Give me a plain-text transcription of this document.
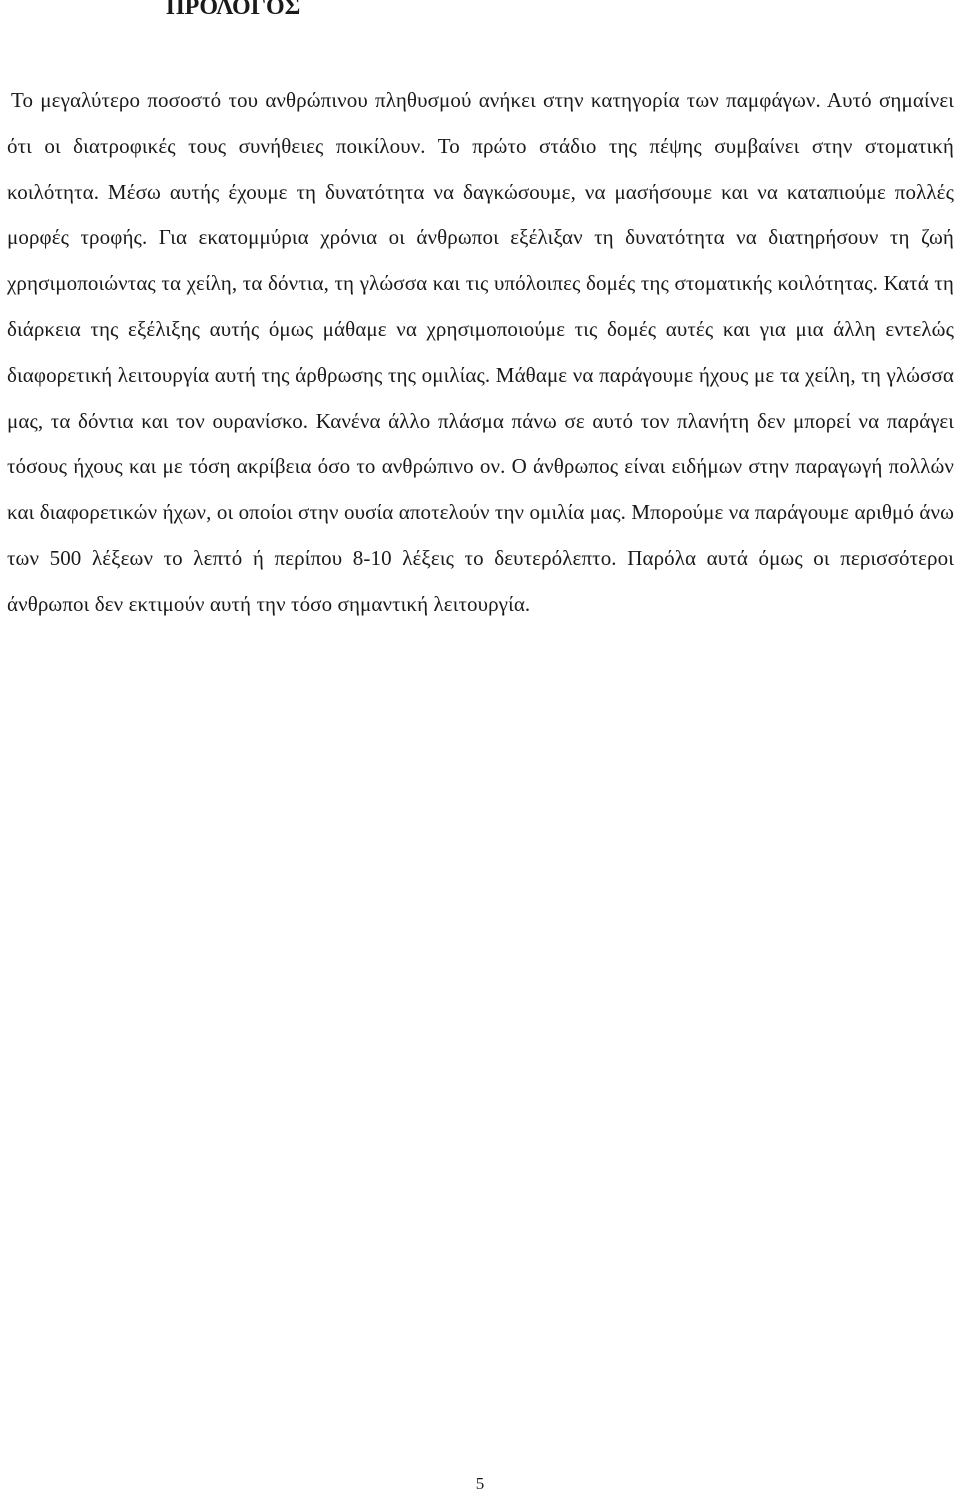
ΠΡΟΛΟΓΟΣ

Το μεγαλύτερο ποσοστό του ανθρώπινου πληθυσμού ανήκει στην κατηγορία των παμφάγων. Αυτό σημαίνει ότι οι διατροφικές τους συνήθειες ποικίλουν. Το πρώτο στάδιο της πέψης συμβαίνει στην στοματική κοιλότητα. Μέσω αυτής έχουμε τη δυνατότητα να δαγκώσουμε, να μασήσουμε και να καταπιούμε πολλές μορφές τροφής. Για εκατομμύρια χρόνια οι άνθρωποι εξέλιξαν τη δυνατότητα να διατηρήσουν τη ζωή χρησιμοποιώντας τα χείλη, τα δόντια, τη γλώσσα και τις υπόλοιπες δομές της στοματικής κοιλότητας. Κατά τη διάρκεια της εξέλιξης αυτής όμως μάθαμε να χρησιμοποιούμε τις δομές αυτές και για μια άλλη εντελώς διαφορετική λειτουργία αυτή της άρθρωσης της ομιλίας. Μάθαμε να παράγουμε ήχους με τα χείλη, τη γλώσσα μας, τα δόντια και τον ουρανίσκο. Κανένα άλλο πλάσμα πάνω σε αυτό τον πλανήτη δεν μπορεί να παράγει τόσους ήχους και με τόση ακρίβεια όσο το ανθρώπινο ον. Ο άνθρωπος είναι ειδήμων στην παραγωγή πολλών και διαφορετικών ήχων, οι οποίοι στην ουσία αποτελούν την ομιλία μας. Μπορούμε να παράγουμε αριθμό άνω των 500 λέξεων το λεπτό ή περίπου 8-10 λέξεις το δευτερόλεπτο. Παρόλα αυτά όμως οι περισσότεροι άνθρωποι δεν εκτιμούν αυτή την τόσο σημαντική λειτουργία.

5
